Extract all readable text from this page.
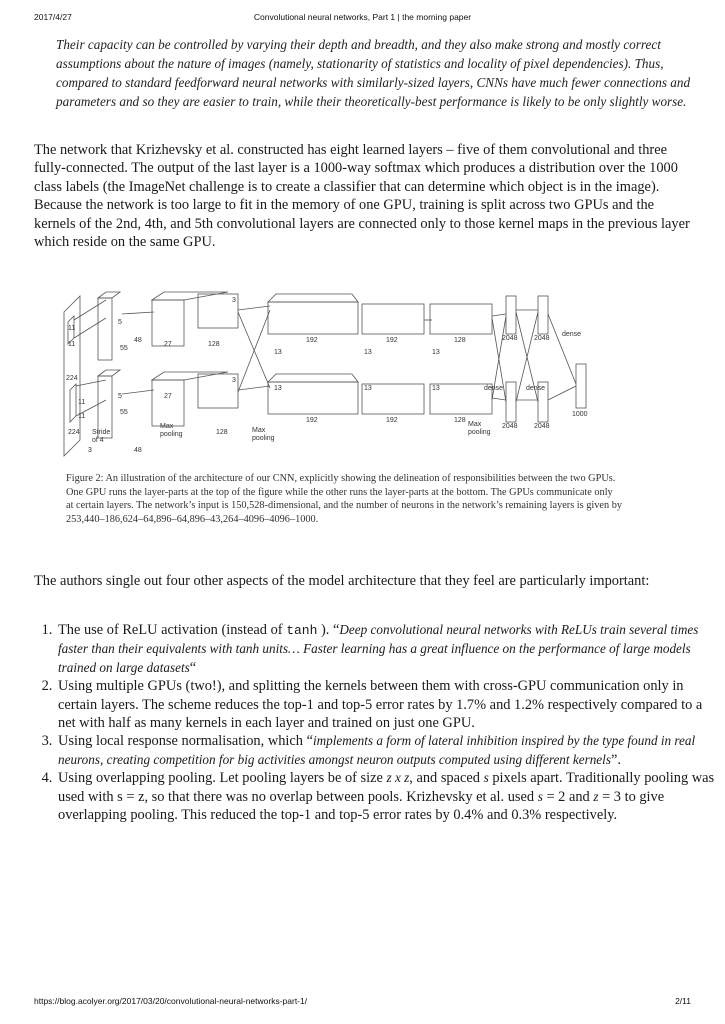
2017/4/27	Convolutional neural networks, Part 1 | the morning paper

Their capacity can be controlled by varying their depth and breadth, and they also make strong and mostly correct assumptions about the nature of images (namely, stationarity of statistics and locality of pixel dependencies). Thus, compared to standard feedforward neural networks with similarly-sized layers, CNNs have much fewer connections and parameters and so they are easier to train, while their theoretically-best performance is likely to be only slightly worse.

The network that Krizhevsky et al. constructed has eight learned layers – five of them convolutional and three fully-connected. The output of the last layer is a 1000-way softmax which produces a distribution over the 1000 class labels (the ImageNet challenge is to create a classifier that can determine which object is in the image). Because the network is too large to fit in the memory of one GPU, training is split across two GPUs and the kernels of the 2nd, 4th, and 5th convolutional layers are connected only to those kernel maps in the previous layer which reside on the same GPU.

11
11
224
224
3
11
11
Stride
of 4
5
5
55
48
55
48
3
3
27
27
128
128
Max
pooling
Max
pooling
13
13
13
13
13
13
192
192
192
192
128
128
Max
pooling
2048 2048
2048 2048
dense
dense	dense
1000

Figure 2: An illustration of the architecture of our CNN, explicitly showing the delineation of responsibilities between the two GPUs. One GPU runs the layer-parts at the top of the figure while the other runs the layer-parts at the bottom. The GPUs communicate only at certain layers. The network’s input is 150,528-dimensional, and the number of neurons in the network’s remaining layers is given by 253,440–186,624–64,896–64,896–43,264–4096–4096–1000.

The authors single out four other aspects of the model architecture that they feel are particularly important:

1. The use of ReLU activation (instead of tanh ). “Deep convolutional neural networks with ReLUs train several times faster than their equivalents with tanh units… Faster learning has a great influence on the performance of large models trained on large datasets“
2. Using multiple GPUs (two!), and splitting the kernels between them with cross-GPU communication only in certain layers. The scheme reduces the top-1 and top-5 error rates by 1.7% and 1.2% respectively compared to a net with half as many kernels in each layer and trained on just one GPU.
3. Using local response normalisation, which “implements a form of lateral inhibition inspired by the type found in real neurons, creating competition for big activities amongst neuron outputs computed using different kernels”.
4. Using overlapping pooling. Let pooling layers be of size z x z, and spaced s pixels apart. Traditionally pooling was used with s = z, so that there was no overlap between pools. Krizhevsky et al. used s = 2 and z = 3 to give overlapping pooling. This reduced the top-1 and top-5 error rates by 0.4% and 0.3% respectively.
https://blog.acolyer.org/2017/03/20/convolutional-neural-networks-part-1/	2/11
